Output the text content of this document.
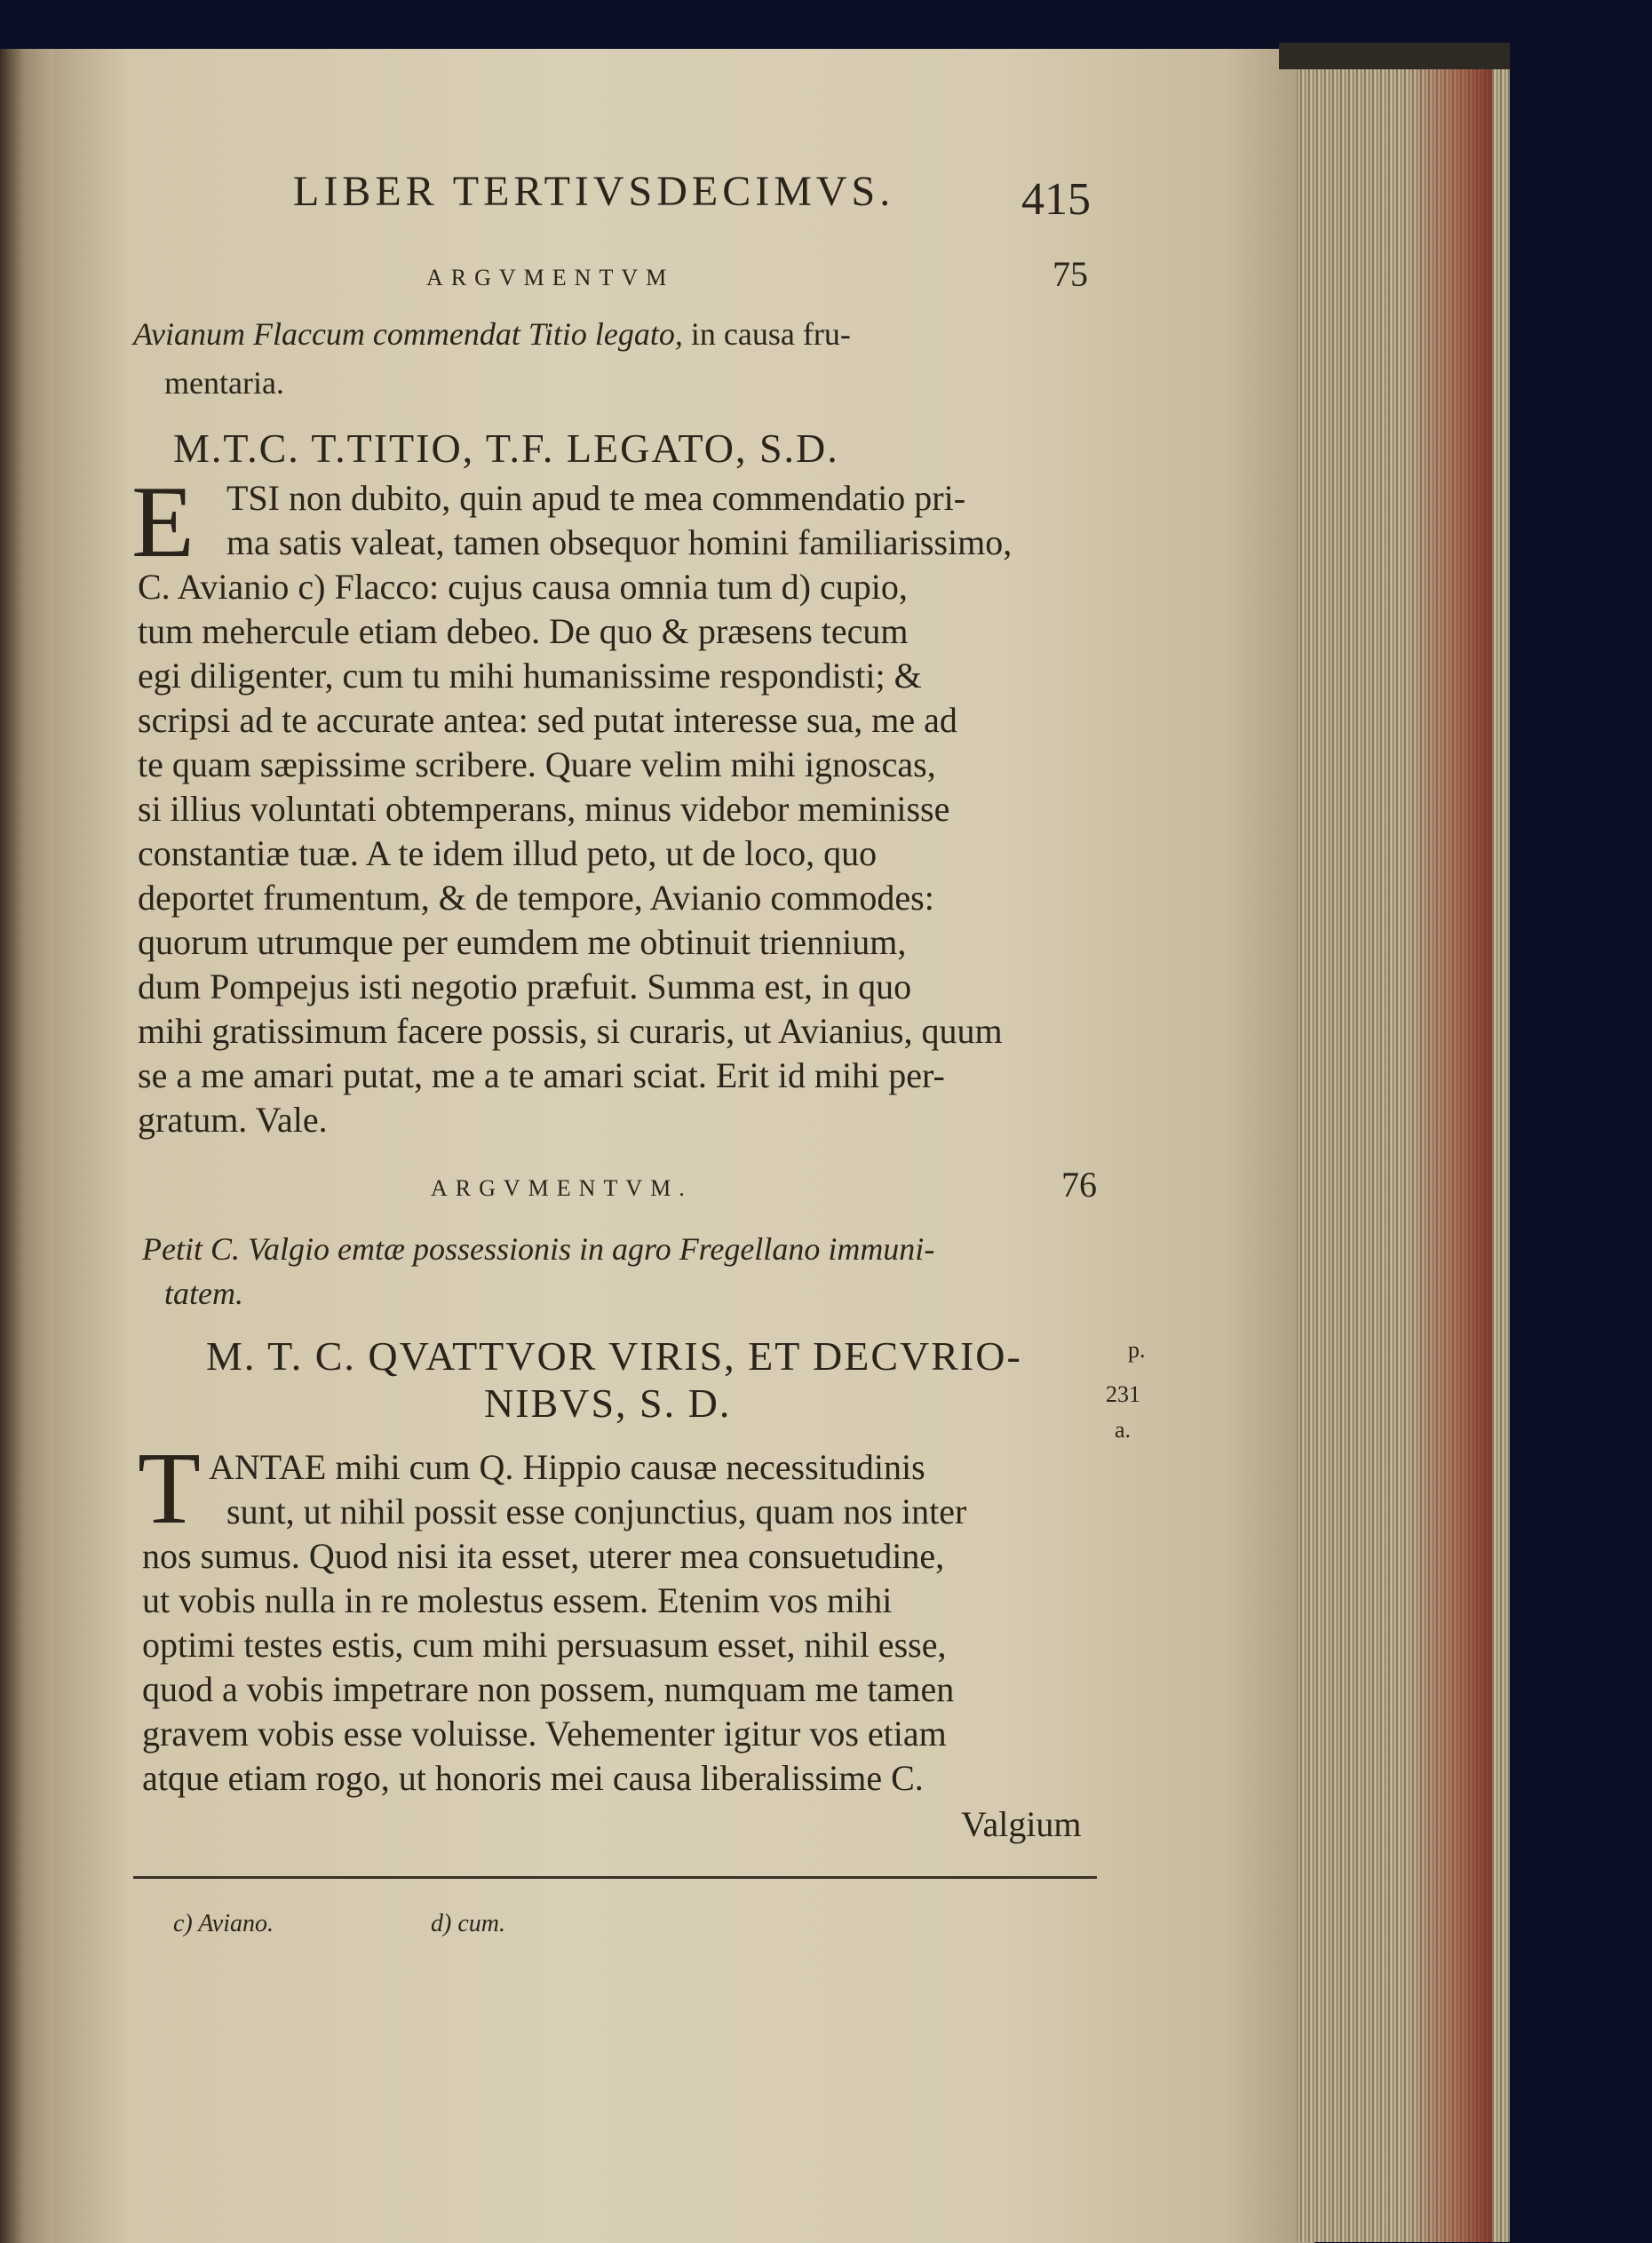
LIBER TERTIVSDECIMVS.	415
ARGVMENTVM	75
Avianum Flaccum commendat Titio legato, in causa fru-
mentaria.
M.T.C. T.TITIO, T.F. LEGATO, S.D.
E TSI non dubito, quin apud te mea commendatio pri-
ma satis valeat, tamen obsequor homini familiarissimo,
C. Avianio c) Flacco: cujus causa omnia tum d) cupio,
tum mehercule etiam debeo. De quo & præsens tecum
egi diligenter, cum tu mihi humanissime respondisti; &
scripsi ad te accurate antea: sed putat interesse sua, me ad
te quam sæpissime scribere. Quare velim mihi ignoscas,
si illius voluntati obtemperans, minus videbor meminisse
constantiæ tuæ. A te idem illud peto, ut de loco, quo
deportet frumentum, & de tempore, Avianio commodes:
quorum utrumque per eumdem me obtinuit triennium,
dum Pompejus isti negotio præfuit. Summa est, in quo
mihi gratissimum facere possis, si curaris, ut Avianius, quum
se a me amari putat, me a te amari sciat. Erit id mihi per-
gratum. Vale.
ARGVMENTVM.	76
Petit C. Valgio emtæ possessionis in agro Fregellano immuni-
tatem.
M. T. C. QVATTVOR VIRIS, ET DECVRIO-
NIBVS, S. D.
T ANTAE mihi cum Q. Hippio causæ necessitudinis
sunt, ut nihil possit esse conjunctius, quam nos inter
nos sumus. Quod nisi ita esset, uterer mea consuetudine,
ut vobis nulla in re molestus essem. Etenim vos mihi
optimi testes estis, cum mihi persuasum esset, nihil esse,
quod a vobis impetrare non possem, numquam me tamen
gravem vobis esse voluisse. Vehementer igitur vos etiam
atque etiam rogo, ut honoris mei causa liberalissime C.
Valgium
p.
231
a.
c) Aviano.	d) cum.
